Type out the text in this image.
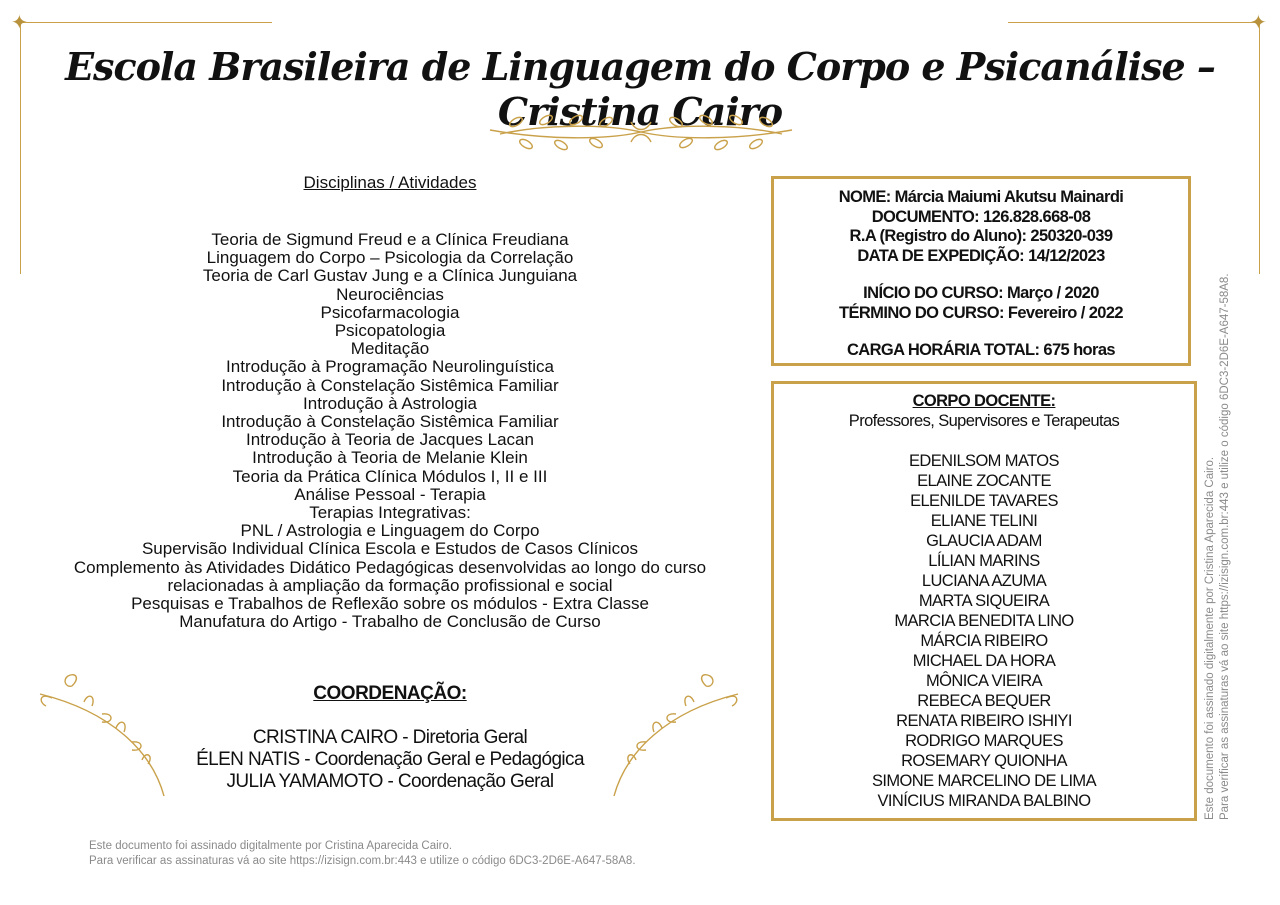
✦	✦
Escola Brasileira de Linguagem do Corpo e Psicanálise – Cristina Cairo
Disciplinas / Atividades
Teoria de Sigmund Freud e a Clínica Freudiana
Linguagem do Corpo – Psicologia da Correlação
Teoria de Carl Gustav Jung e a Clínica Junguiana
Neurociências
Psicofarmacologia
Psicopatologia
Meditação
Introdução à Programação Neurolinguística
Introdução à Constelação Sistêmica Familiar
Introdução à Astrologia
Introdução à Constelação Sistêmica Familiar
Introdução à Teoria de Jacques Lacan
Introdução à Teoria de Melanie Klein
Teoria da Prática Clínica Módulos I, II e III
Análise Pessoal - Terapia
Terapias Integrativas:
PNL / Astrologia e Linguagem do Corpo
Supervisão Individual Clínica Escola e Estudos de Casos Clínicos
Complemento às Atividades Didático Pedagógicas desenvolvidas ao longo do curso
relacionadas à ampliação da formação profissional e social
Pesquisas e Trabalhos de Reflexão sobre os módulos - Extra Classe
Manufatura do Artigo - Trabalho de Conclusão de Curso
COORDENAÇÃO:
CRISTINA CAIRO - Diretoria Geral
ÉLEN NATIS - Coordenação Geral e Pedagógica
JULIA YAMAMOTO - Coordenação Geral
NOME: Márcia Maiumi Akutsu Mainardi
DOCUMENTO: 126.828.668-08
R.A (Registro do Aluno): 250320-039
DATA DE EXPEDIÇÃO: 14/12/2023
INÍCIO DO CURSO: Março / 2020
TÉRMINO DO CURSO: Fevereiro / 2022
CARGA HORÁRIA TOTAL: 675 horas
CORPO DOCENTE:
Professores, Supervisores e Terapeutas
EDENILSOM MATOS
ELAINE ZOCANTE
ELENILDE TAVARES
ELIANE TELINI
GLAUCIA ADAM
LÍLIAN MARINS
LUCIANA AZUMA
MARTA SIQUEIRA
MARCIA BENEDITA LINO
MÁRCIA RIBEIRO
MICHAEL DA HORA
MÔNICA VIEIRA
REBECA BEQUER
RENATA RIBEIRO ISHIYI
RODRIGO MARQUES
ROSEMARY QUIONHA
SIMONE MARCELINO DE LIMA
VINÍCIUS MIRANDA BALBINO
Este documento foi assinado digitalmente por Cristina Aparecida Cairo.
Para verificar as assinaturas vá ao site https://izisign.com.br:443 e utilize o código 6DC3-2D6E-A647-58A8.
Este documento foi assinado digitalmente por Cristina Aparecida Cairo. Para verificar as assinaturas vá ao site https://izisign.com.br:443 e utilize o código 6DC3-2D6E-A647-58A8.
